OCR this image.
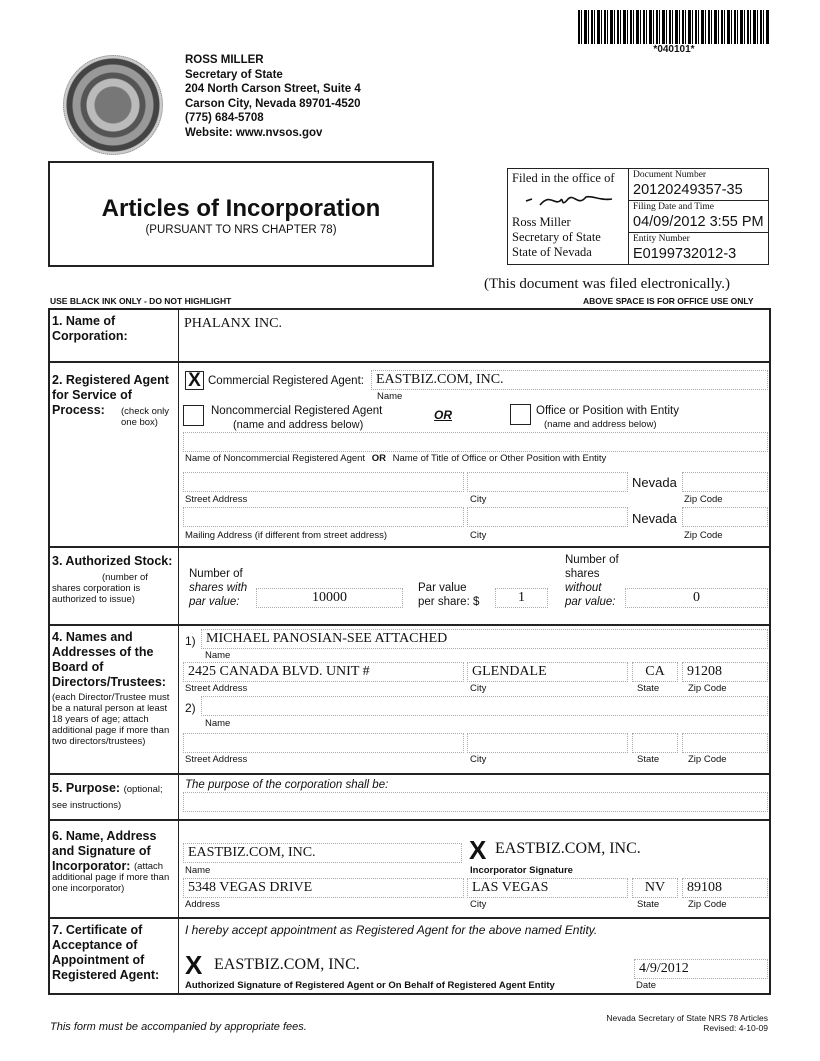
*040101*
ROSS MILLER
Secretary of State
204 North Carson Street, Suite 4
Carson City, Nevada 89701-4520
(775) 684-5708
Website: www.nvsos.gov
Articles of Incorporation
(PURSUANT TO NRS CHAPTER 78)
Filed in the office of
Ross Miller
Secretary of State
State of Nevada
Document Number
20120249357-35
Filing Date and Time
04/09/2012 3:55 PM
Entity Number
E0199732012-3
(This document was filed electronically.)
USE BLACK INK ONLY - DO NOT HIGHLIGHT	ABOVE SPACE IS FOR OFFICE USE ONLY
1. Name of Corporation:
PHALANX INC.
2. Registered Agent for Service of Process:	(check only one box)
X Commercial Registered Agent: EASTBIZ.COM, INC.
Name
Noncommercial Registered Agent
(name and address below)
OR	Office or Position with Entity
(name and address below)
Name of Noncommercial Registered Agent OR Name of Title of Office or Other Position with Entity
Nevada
Street Address	City	Zip Code
Nevada
Mailing Address (if different from street address)	City	Zip Code
3. Authorized Stock:
(number of shares corporation is authorized to issue)
Number of
shares with
par value:	10000
Par value
per share: $	1
Number of
shares
without
par value:	0
4. Names and Addresses of the Board of Directors/Trustees:
(each Director/Trustee must be a natural person at least 18 years of age; attach additional page if more than two directors/trustees)
1) MICHAEL PANOSIAN-SEE ATTACHED
Name
2425 CANADA BLVD. UNIT #	GLENDALE	CA	91208
Street Address	City	State	Zip Code
2)
Name
Street Address	City	State	Zip Code
5. Purpose: (optional; see instructions)
The purpose of the corporation shall be:
6. Name, Address and Signature of Incorporator: (attach additional page if more than one incorporator)
EASTBIZ.COM, INC.	X EASTBIZ.COM, INC.
Name	Incorporator Signature
5348 VEGAS DRIVE	LAS VEGAS	NV	89108
Address	City	State	Zip Code
7. Certificate of Acceptance of Appointment of Registered Agent:
I hereby accept appointment as Registered Agent for the above named Entity.
X EASTBIZ.COM, INC.	4/9/2012
Authorized Signature of Registered Agent or On Behalf of Registered Agent Entity	Date
This form must be accompanied by appropriate fees.
Nevada Secretary of State NRS 78 Articles
Revised: 4-10-09
